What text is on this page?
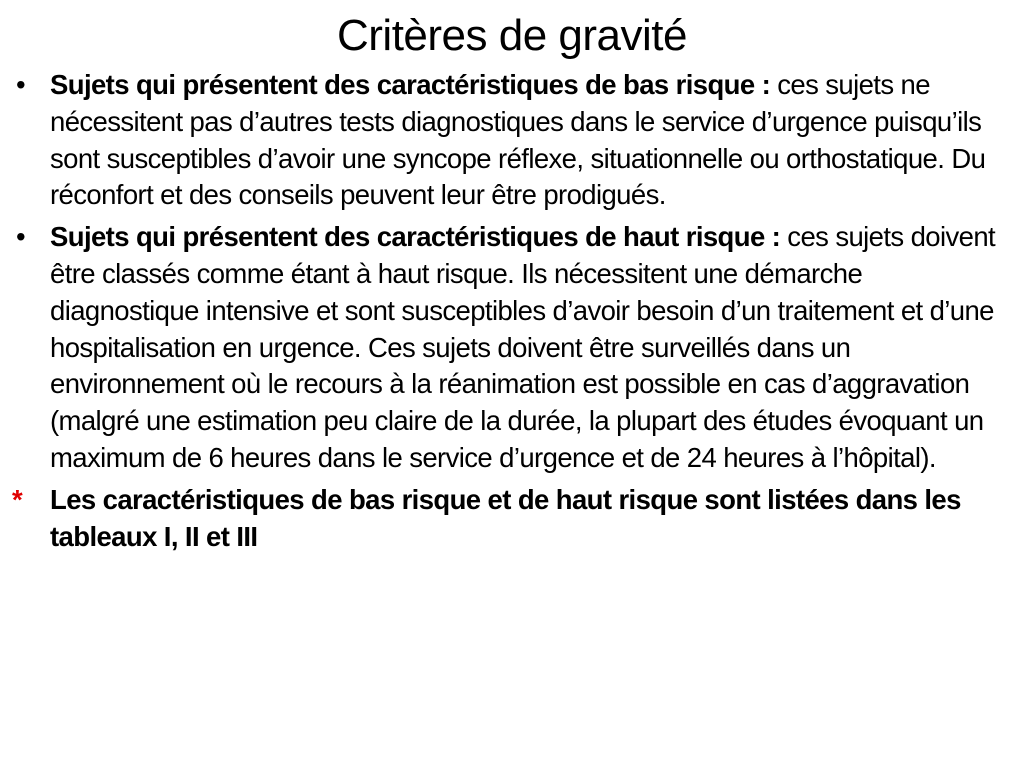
Critères de gravité
• Sujets qui présentent des caractéristiques de bas risque : ces sujets ne nécessitent pas d’autres tests diagnostiques dans le service d’urgence puisqu’ils sont susceptibles d’avoir une syncope réflexe, situationnelle ou orthostatique. Du réconfort et des conseils peuvent leur être prodigués.
• Sujets qui présentent des caractéristiques de haut risque : ces sujets doivent être classés comme étant à haut risque. Ils nécessitent une démarche diagnostique intensive et sont susceptibles d’avoir besoin d’un traitement et d’une hospitalisation en urgence. Ces sujets doivent être surveillés dans un environnement où le recours à la réanimation est possible en cas d’aggravation (malgré une estimation peu claire de la durée, la plupart des études évoquant un maximum de 6 heures dans le service d’urgence et de 24 heures à l’hôpital).
*	Les caractéristiques de bas risque et de haut risque sont listées dans les tableaux I, II et III
